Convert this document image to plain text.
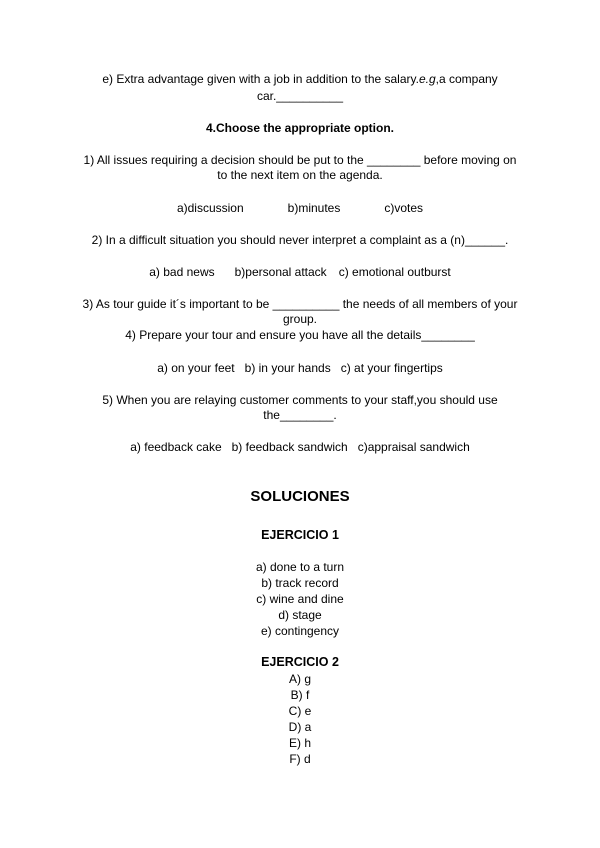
e) Extra advantage given with a job in addition to the salary.e.g,a company
car.__________
4.Choose the appropriate option.
1) All issues requiring a decision should be put to the ________ before moving on
to the next item on the agenda.
a)discussion	b)minutes	c)votes
2) In a difficult situation you should never interpret a complaint as a (n)______.
a) bad news b)personal attack c) emotional outburst
3) As tour guide it´s important to be __________ the needs of all members of your
group.
4) Prepare your tour and ensure you have all the details________
a) on your feet b) in your hands c) at your fingertips
5) When you are relaying customer comments to your staff,you should use
the________.
a) feedback cake b) feedback sandwich c)appraisal sandwich
SOLUCIONES
EJERCICIO 1
a) done to a turn
b) track record
c) wine and dine
d) stage
e) contingency
EJERCICIO 2
A) g
B) f
C) e
D) a
E) h
F) d
